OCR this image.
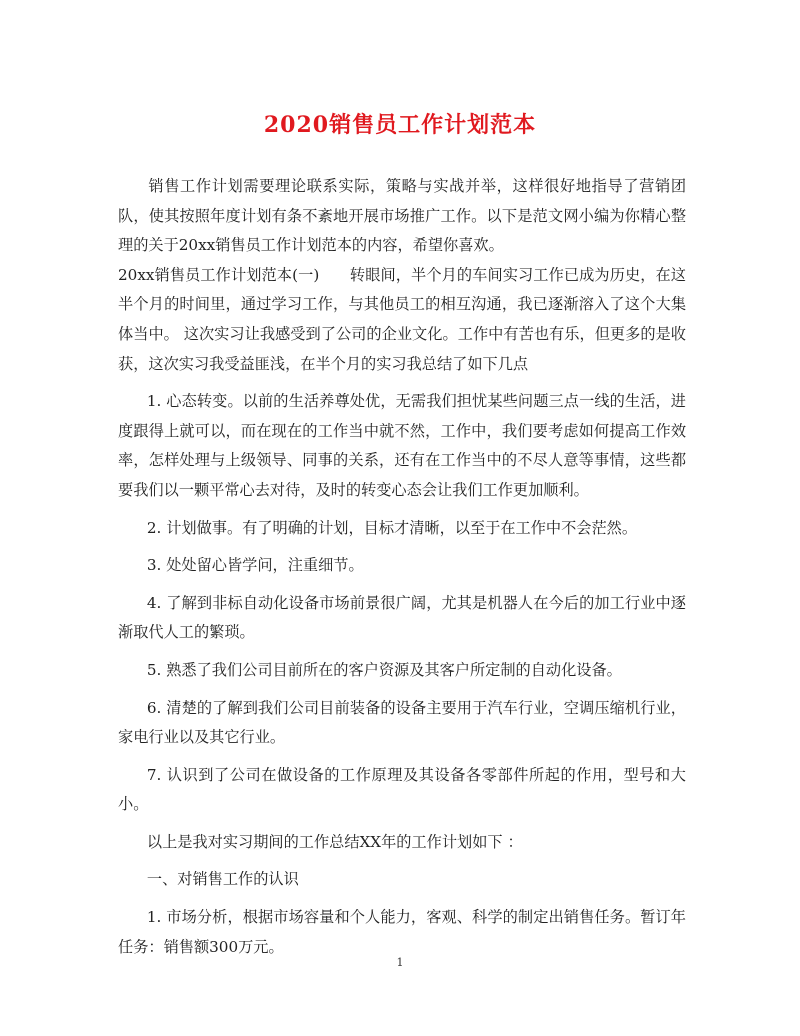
2020销售员工作计划范本

销售工作计划需要理论联系实际，策略与实战并举，这样很好地指导了营销团队，使其按照年度计划有条不紊地开展市场推广工作。以下是范文网小编为你精心整理的关于20xx销售员工作计划范本的内容，希望你喜欢。

20xx销售员工作计划范本(一)　　转眼间，半个月的车间实习工作已成为历史，在这半个月的时间里，通过学习工作，与其他员工的相互沟通，我已逐渐溶入了这个大集体当中。 这次实习让我感受到了公司的企业文化。工作中有苦也有乐，但更多的是收获，这次实习我受益匪浅，在半个月的实习我总结了如下几点

1. 心态转变。以前的生活养尊处优，无需我们担忧某些问题三点一线的生活，进度跟得上就可以，而在现在的工作当中就不然，工作中，我们要考虑如何提高工作效率，怎样处理与上级领导、同事的关系，还有在工作当中的不尽人意等事情，这些都要我们以一颗平常心去对待，及时的转变心态会让我们工作更加顺利。

2. 计划做事。有了明确的计划，目标才清晰，以至于在工作中不会茫然。

3. 处处留心皆学问，注重细节。

4. 了解到非标自动化设备市场前景很广阔，尤其是机器人在今后的加工行业中逐渐取代人工的繁琐。

5. 熟悉了我们公司目前所在的客户资源及其客户所定制的自动化设备。

6. 清楚的了解到我们公司目前装备的设备主要用于汽车行业，空调压缩机行业，家电行业以及其它行业。

7. 认识到了公司在做设备的工作原理及其设备各零部件所起的作用，型号和大小。

以上是我对实习期间的工作总结XX年的工作计划如下 ：

一、对销售工作的认识

1. 市场分析，根据市场容量和个人能力，客观、科学的制定出销售任务。暂订年任务：销售额300万元。

1
